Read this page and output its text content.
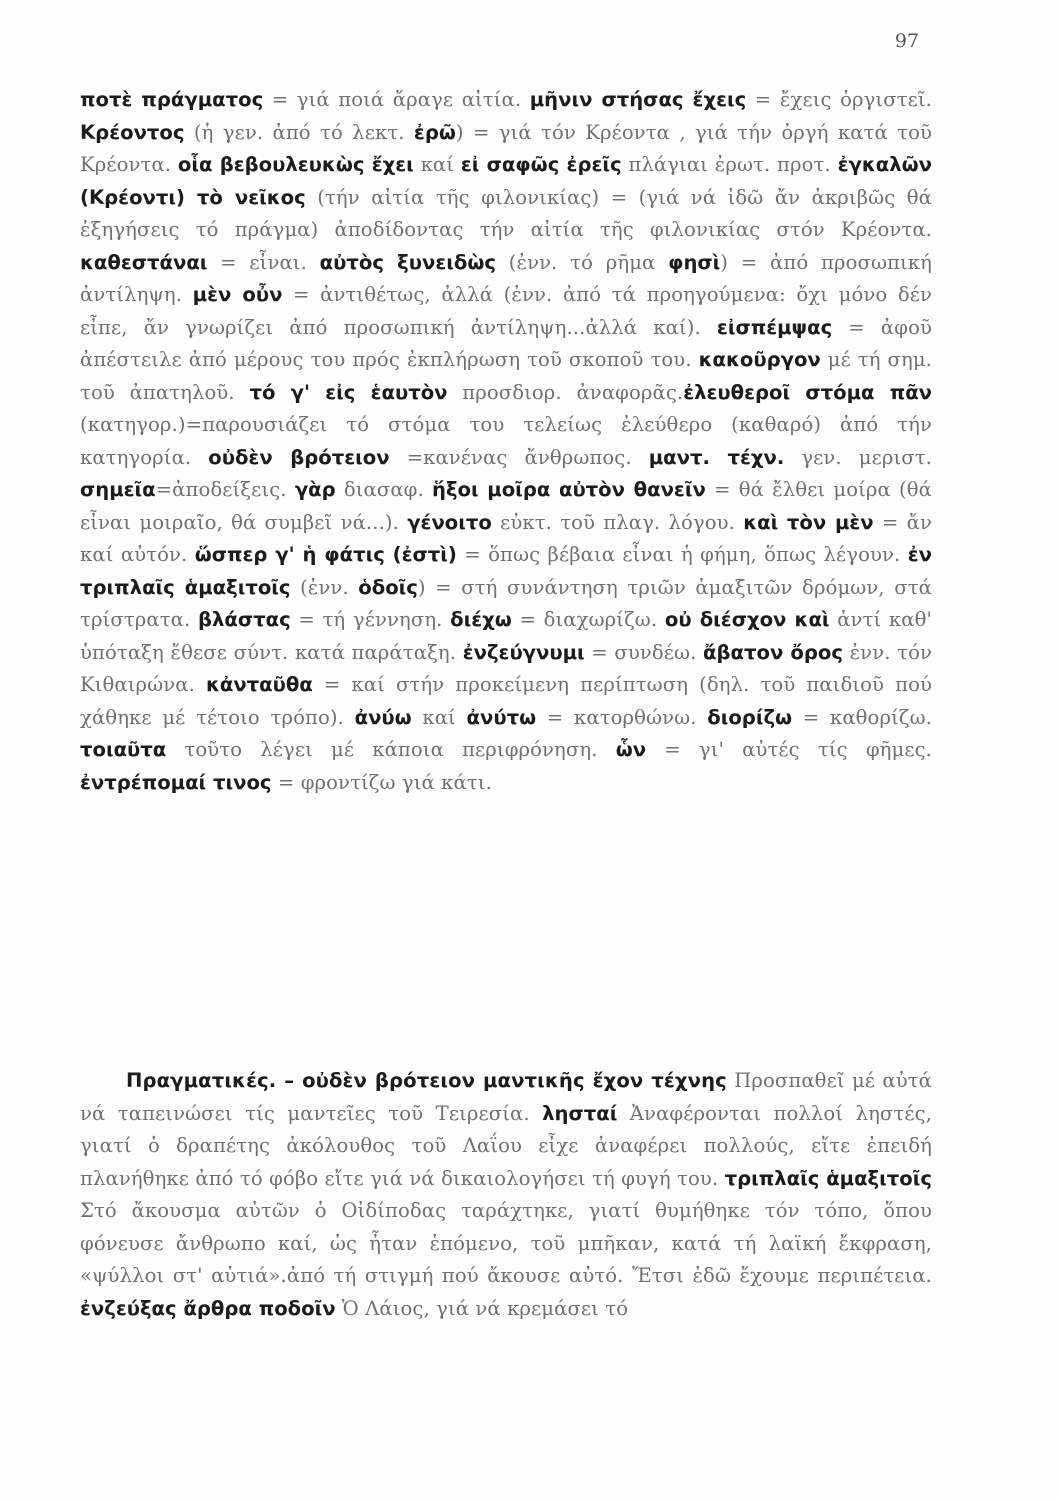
97

ποτὲ πράγματος = γιά ποιά ἄραγε αἰτία. μῆνιν στήσας ἔχεις = ἔχεις ὀργιστεῖ. Κρέοντος (ἡ γεν. ἀπό τό λεκτ. ἐρῶ) = γιά τόν Κρέοντα , γιά τήν ὀργή κατά τοῦ Κρέοντα. οἷα βεβουλευκὼς ἔχει καί εἰ σαφῶς ἐρεῖς πλάγιαι ἐρωτ. προτ. ἐγκαλῶν (Κρέοντι) τὸ νεῖκος (τήν αἰτία τῆς φιλονικίας) = (γιά νά ἰδῶ ἄν ἀκριβῶς θά ἐξηγήσεις τό πράγμα) ἀποδίδοντας τήν αἰτία τῆς φιλονικίας στόν Κρέοντα. καθεστάναι = εἶναι. αὐτὸς ξυνειδὼς (ἐνν. τό ρῆμα φησὶ) = ἀπό προσωπική ἀντίληψη. μὲν οὖν = ἀντιθέτως, ἀλλά (ἐνν. ἀπό τά προηγούμενα: ὄχι μόνο δέν εἶπε, ἄν γνωρίζει ἀπό προσωπική ἀντίληψη...ἀλλά καί). εἰσπέμψας = ἀφοῦ ἀπέστειλε ἀπό μέρους του πρός ἐκπλήρωση τοῦ σκοποῦ του. κακοῦργον μέ τή σημ. τοῦ ἀπατηλοῦ. τό γ' εἰς ἑαυτὸν προσδιορ. ἀναφορᾶς.ἐλευθεροῖ στόμα πᾶν (κατηγορ.)=παρουσιάζει τό στόμα του τελείως ἐλεύθερο (καθαρό) ἀπό τήν κατηγορία. οὐδὲν βρότειον =κανένας ἄνθρωπος. μαντ. τέχν. γεν. μεριστ. σημεῖα=ἀποδείξεις. γὰρ διασαφ. ἥξοι μοῖρα αὐτὸν θανεῖν = θά ἔλθει μοίρα (θά εἶναι μοιραῖο, θά συμβεῖ νά...). γένοιτο εὐκτ. τοῦ πλαγ. λόγου. καὶ τὸν μὲν = ἄν καί αὐτόν. ὥσπερ γ' ἡ φάτις (ἐστὶ) = ὅπως βέβαια εἶναι ἡ φήμη, ὅπως λέγουν. ἐν τριπλαῖς ἁμαξιτοῖς (ἐνν. ὁδοῖς) = στή συνάντηση τριῶν ἁμαξιτῶν δρόμων, στά τρίστρατα. βλάστας = τή γέννηση. διέχω = διαχωρίζω. οὐ διέσχον καὶ ἀντί καθ' ὑπόταξη ἔθεσε σύντ. κατά παράταξη. ἐνζεύγνυμι = συνδέω. ἄβατον ὄρος ἐνν. τόν Κιθαιρώνα. κἀνταῦθα = καί στήν προκείμενη περίπτωση (δηλ. τοῦ παιδιοῦ πού χάθηκε μέ τέτοιο τρόπο). ἀνύω καί ἀνύτω = κατορθώνω. διορίζω = καθορίζω. τοιαῦτα τοῦτο λέγει μέ κάποια περιφρόνηση. ὧν = γι' αὐτές τίς φῆμες. ἐντρέπομαί τινος = φροντίζω γιά κάτι.

Πραγματικές. – οὐδὲν βρότειον μαντικῆς ἔχον τέχνης Προσπαθεῖ μέ αὐτά νά ταπεινώσει τίς μαντεῖες τοῦ Τειρεσία. λησταί Ἀναφέρονται πολλοί ληστές, γιατί ὁ δραπέτης ἀκόλουθος τοῦ Λαΐου εἶχε ἀναφέρει πολλούς, εἴτε ἐπειδή πλανήθηκε ἀπό τό φόβο εἴτε γιά νά δικαιολογήσει τή φυγή του. τριπλαῖς ἁμαξιτοῖς Στό ἄκουσμα αὐτῶν ὁ Οἰδίποδας ταράχτηκε, γιατί θυμήθηκε τόν τόπο, ὅπου φόνευσε ἄνθρωπο καί, ὡς ἦταν ἑπόμενο, τοῦ μπῆκαν, κατά τή λαϊκή ἔκφραση, «ψύλλοι στ' αὐτιά».ἀπό τή στιγμή πού ἄκουσε αὐτό. Ἔτσι ἐδῶ ἔχουμε περιπέτεια. ἐνζεύξας ἄρθρα ποδοῖν Ὁ Λάιος, γιά νά κρεμάσει τό
